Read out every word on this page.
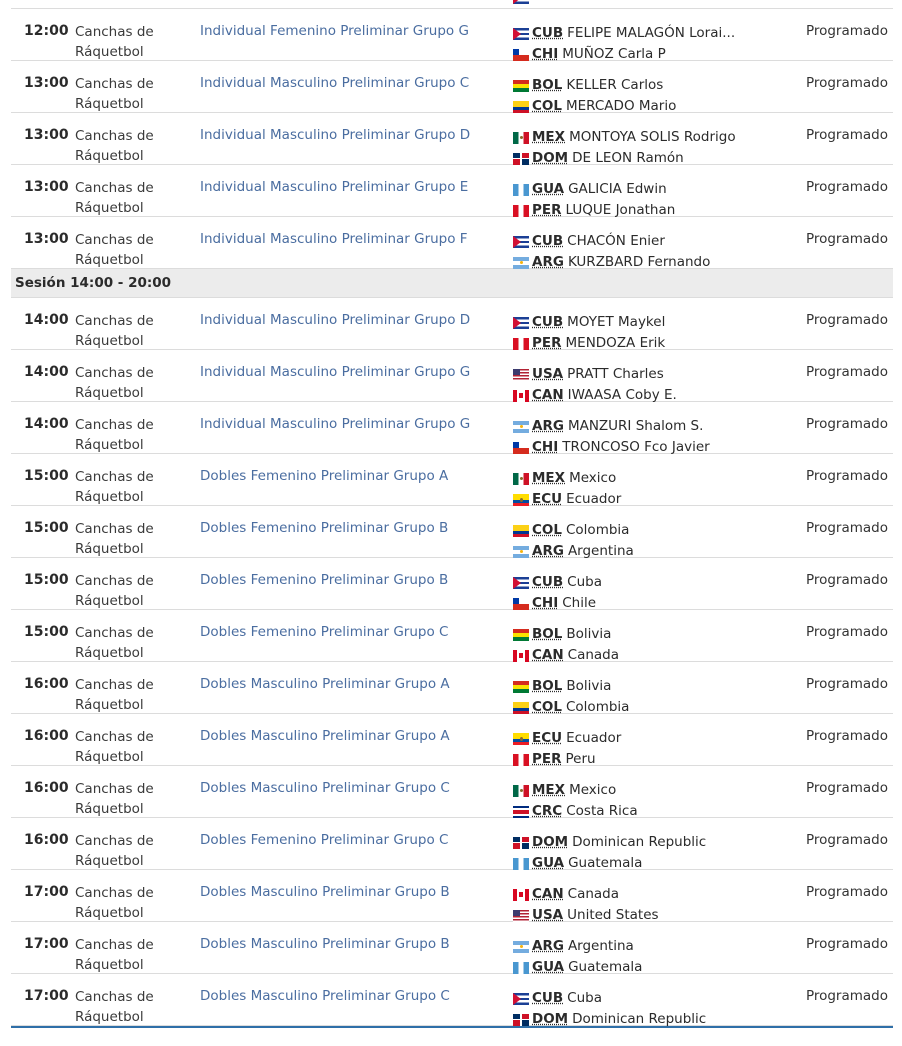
12:00 Canchas de
Ráquetbol
Individual Femenino Preliminar Grupo G	CUB FELIPE MALAGÓN Lorai...
CHI MUÑOZ Carla P
Programado
13:00 Canchas de
Ráquetbol
Individual Masculino Preliminar Grupo C	BOL KELLER Carlos
COL MERCADO Mario
Programado
13:00 Canchas de
Ráquetbol
Individual Masculino Preliminar Grupo D	MEX MONTOYA SOLIS Rodrigo
DOM DE LEON Ramón
Programado
13:00 Canchas de
Ráquetbol
Individual Masculino Preliminar Grupo E	GUA GALICIA Edwin
PER LUQUE Jonathan
Programado
13:00 Canchas de
Ráquetbol
Individual Masculino Preliminar Grupo F	CUB CHACÓN Enier
ARG KURZBARD Fernando
Programado
Sesión 14:00 - 20:00
14:00 Canchas de
Ráquetbol
Individual Masculino Preliminar Grupo D	CUB MOYET Maykel
PER MENDOZA Erik
Programado
14:00 Canchas de
Ráquetbol
Individual Masculino Preliminar Grupo G	USA PRATT Charles
CAN IWAASA Coby E.
Programado
14:00 Canchas de
Ráquetbol
Individual Masculino Preliminar Grupo G	ARG MANZURI Shalom S.
CHI TRONCOSO Fco Javier
Programado
15:00 Canchas de
Ráquetbol
Dobles Femenino Preliminar Grupo A	MEX Mexico
ECU Ecuador
Programado
15:00 Canchas de
Ráquetbol
Dobles Femenino Preliminar Grupo B	COL Colombia
ARG Argentina
Programado
15:00 Canchas de
Ráquetbol
Dobles Femenino Preliminar Grupo B	CUB Cuba
CHI Chile
Programado
15:00 Canchas de
Ráquetbol
Dobles Femenino Preliminar Grupo C	BOL Bolivia
CAN Canada
Programado
16:00 Canchas de
Ráquetbol
Dobles Masculino Preliminar Grupo A	BOL Bolivia
COL Colombia
Programado
16:00 Canchas de
Ráquetbol
Dobles Masculino Preliminar Grupo A	ECU Ecuador
PER Peru
Programado
16:00 Canchas de
Ráquetbol
Dobles Masculino Preliminar Grupo C	MEX Mexico
CRC Costa Rica
Programado
16:00 Canchas de
Ráquetbol
Dobles Femenino Preliminar Grupo C	DOM Dominican Republic
GUA Guatemala
Programado
17:00 Canchas de
Ráquetbol
Dobles Masculino Preliminar Grupo B	CAN Canada
USA United States
Programado
17:00 Canchas de
Ráquetbol
Dobles Masculino Preliminar Grupo B	ARG Argentina
GUA Guatemala
Programado
17:00 Canchas de
Ráquetbol
Dobles Masculino Preliminar Grupo C	CUB Cuba
DOM Dominican Republic
Programado
